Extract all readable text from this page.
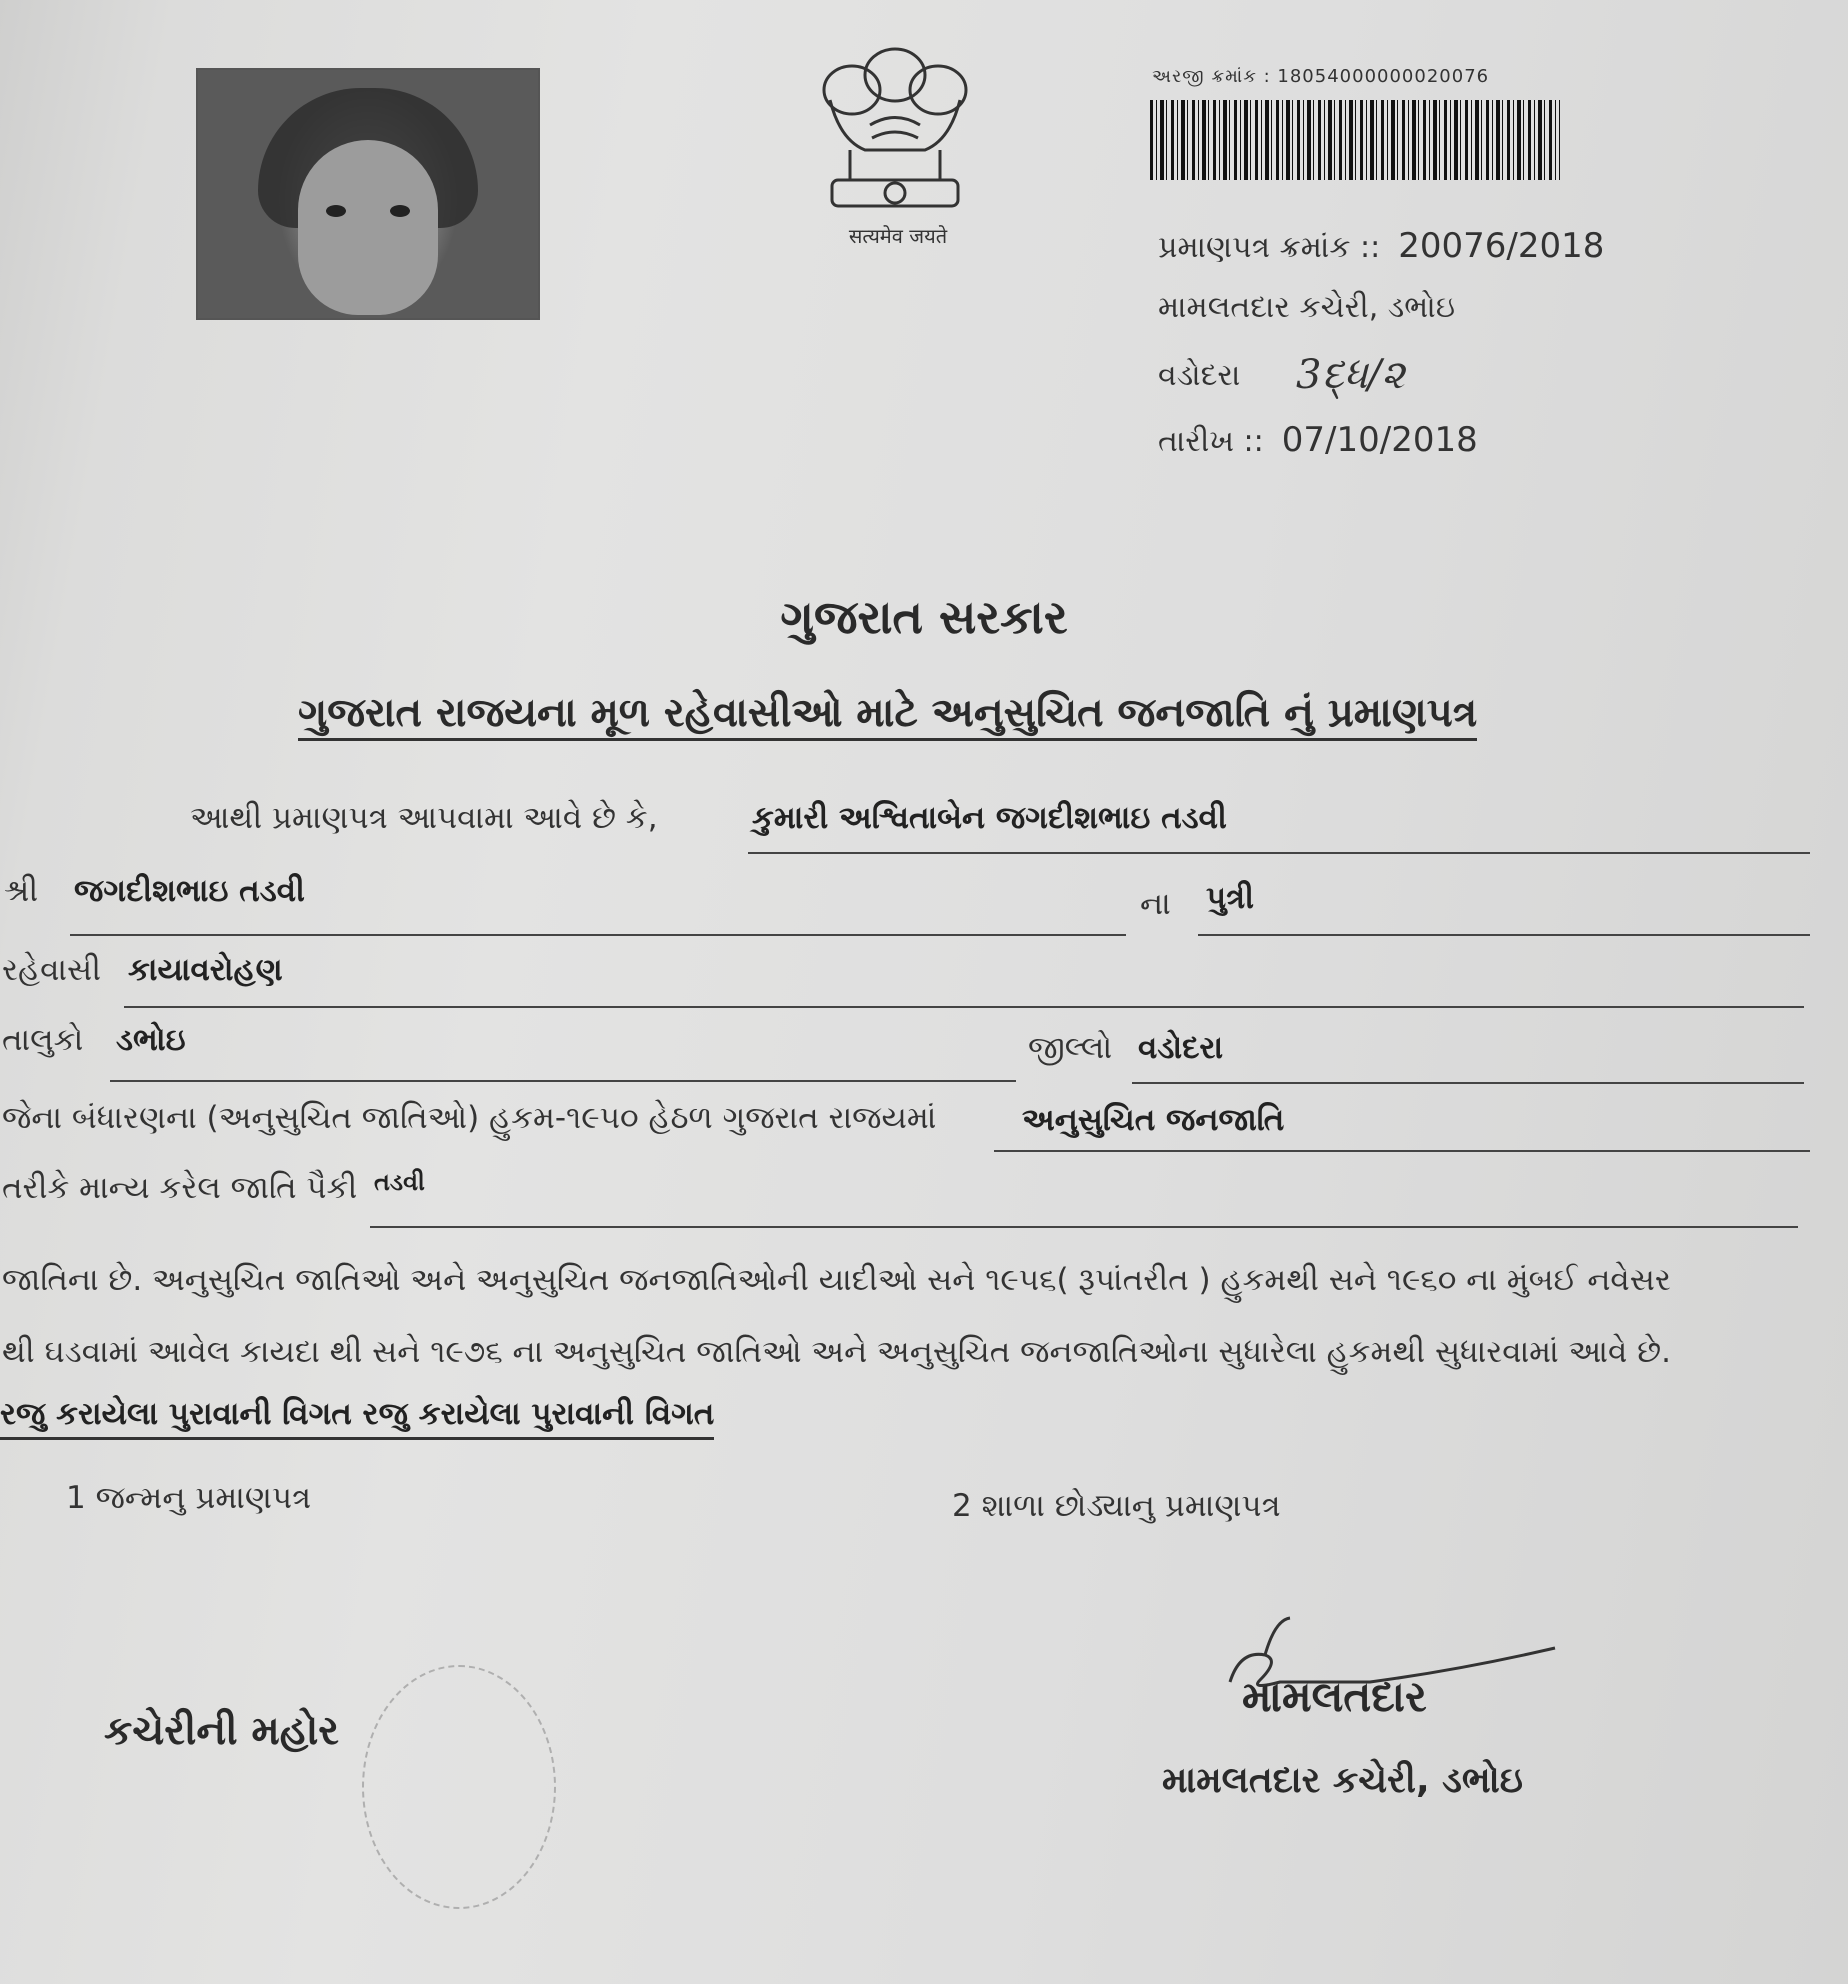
सत्यमेव जयते
અરજી ક્રમાંક : 18054000000020076
પ્રમાણપત્ર ક્રમાંક :: 20076/2018
મામલતદાર કચેરી, ડભોઇ
વડોદરા 3દ્ધ/૨
તારીખ :: 07/10/2018
ગુજરાત સરકાર
ગુજરાત રાજયના મૂળ રહેવાસીઓ માટે અનુસુચિત જનજાતિ નું પ્રમાણપત્ર
આથી પ્રમાણપત્ર આપવામા આવે છે કે,	કુમારી અશ્વિતાબેન જગદીશભાઇ તડવી
શ્રી જગદીશભાઇ તડવી	ના પુત્રી
રહેવાસી કાયાવરોહણ
તાલુકો ડભોઇ	જીલ્લો વડોદરા
જેના બંધારણના (અનુસુચિત જાતિઓ) હુકમ-૧૯૫૦ હેઠળ ગુજરાત રાજયમાં	અનુસુચિત જનજાતિ
તરીકે માન્ય કરેલ જાતિ પૈકી તડવી
જાતિના છે. અનુસુચિત જાતિઓ અને અનુસુચિત જનજાતિઓની યાદીઓ સને ૧૯૫૬( રૂપાંતરીત ) હુકમથી સને ૧૯૬૦ ના મુંબઈ નવેસર
થી ઘડવામાં આવેલ કાયદા થી સને ૧૯૭૬ ના અનુસુચિત જાતિઓ અને અનુસુચિત જનજાતિઓના સુધારેલા હુકમથી સુધારવામાં આવે છે.
રજુ કરાયેલા પુરાવાની વિગત રજુ કરાયેલા પુરાવાની વિગત
1 જન્મનુ પ્રમાણપત્ર	2 શાળા છોડ્યાનુ પ્રમાણપત્ર
કચેરીની મહોર
મામલતદાર
મામલતદાર કચેરી, ડભોઇ
